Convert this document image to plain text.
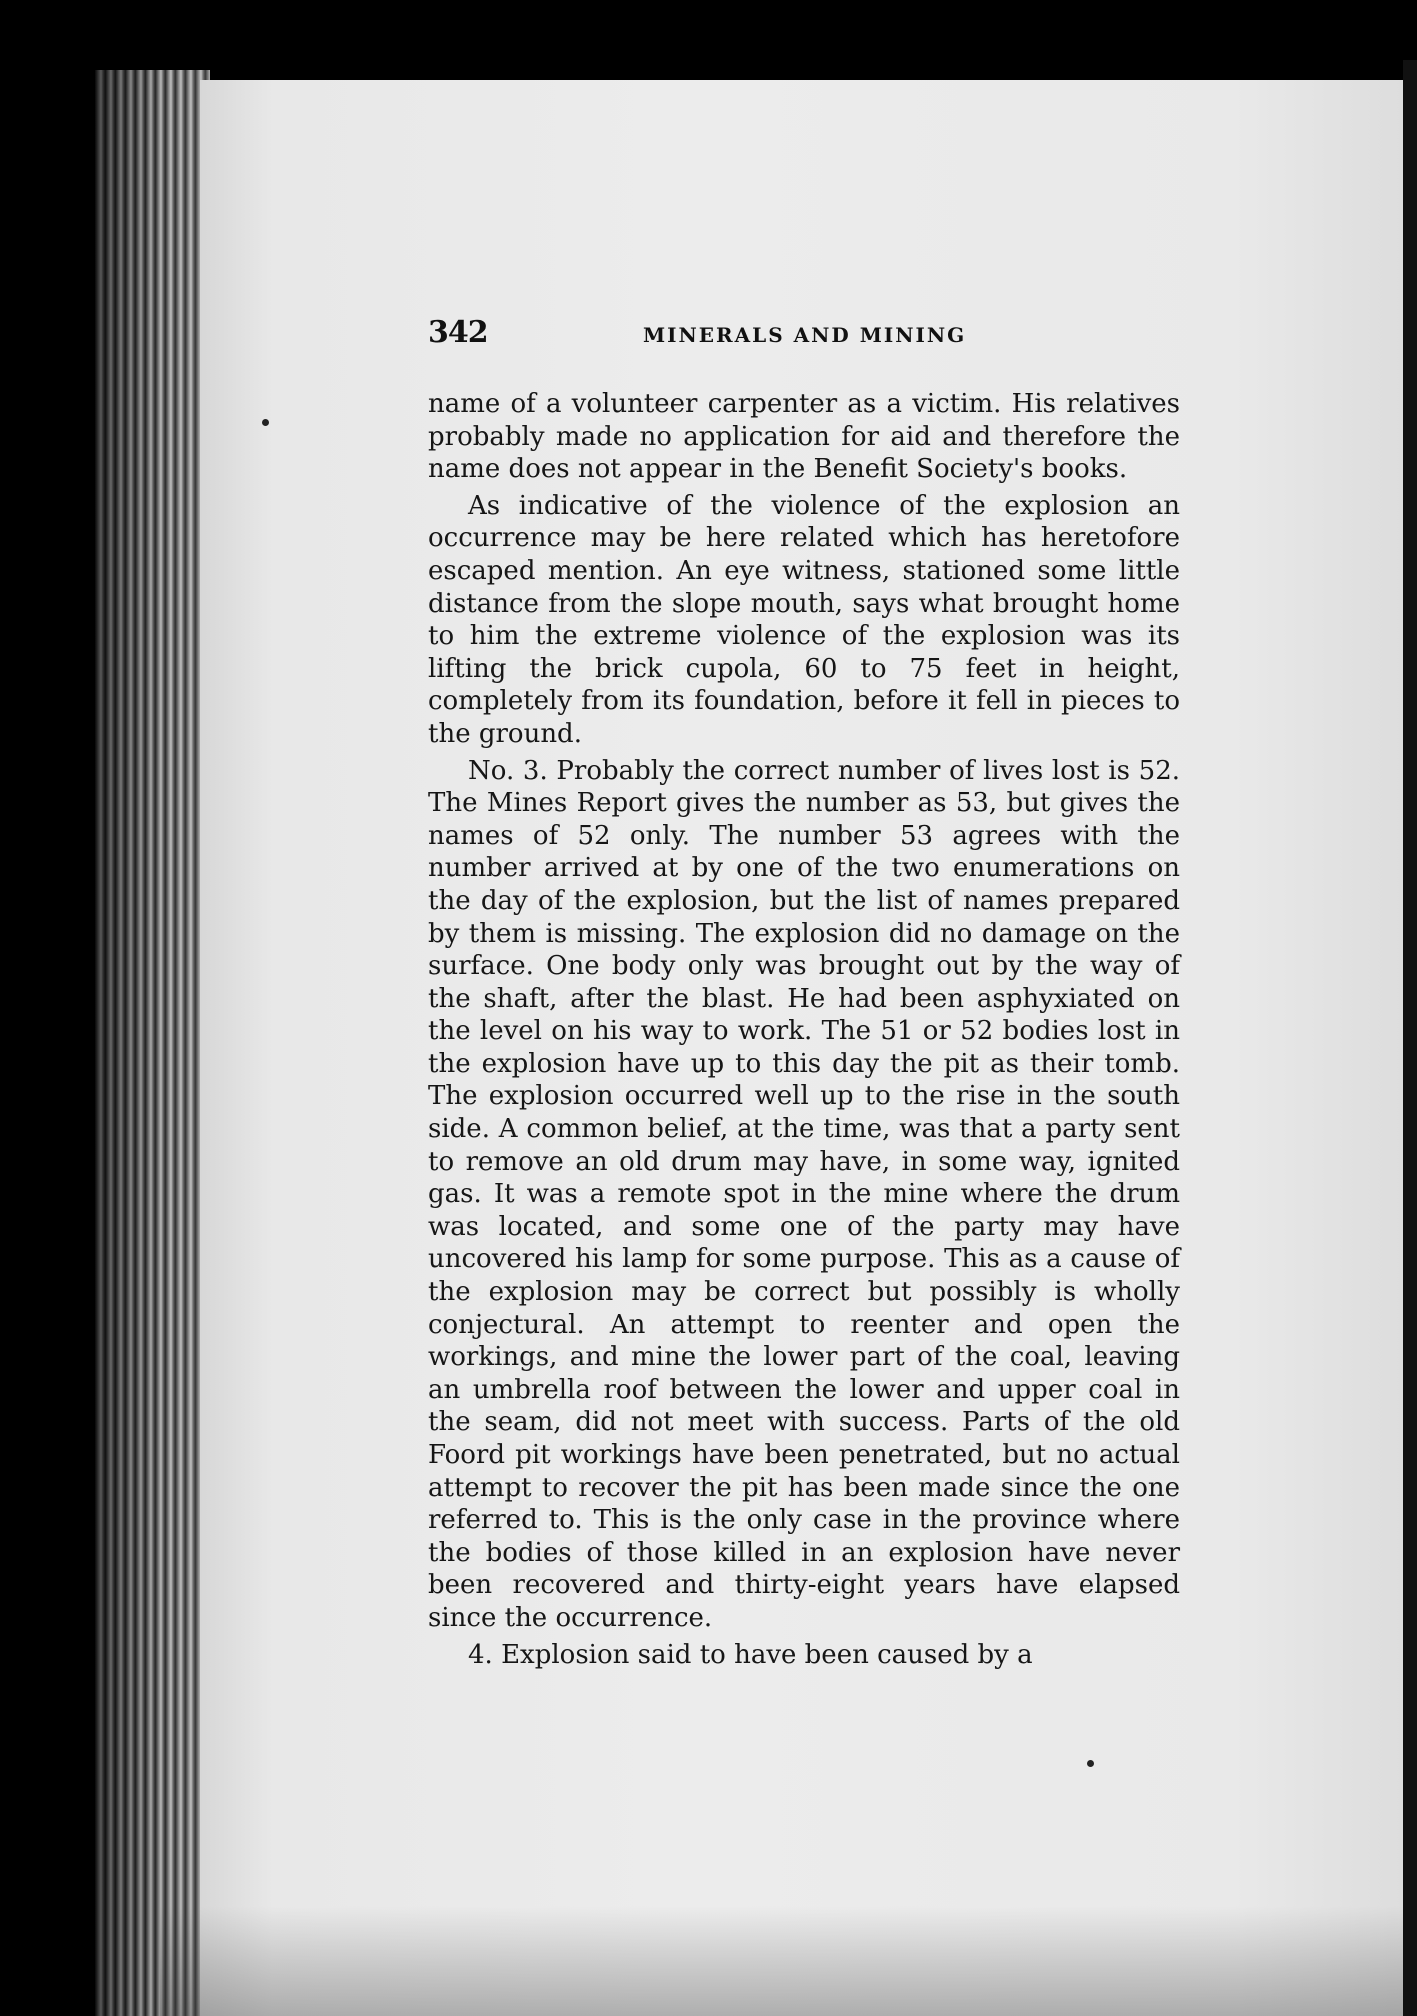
342	MINERALS AND MINING

name of a volunteer carpenter as a victim. His relatives probably made no application for aid and therefore the name does not appear in the Benefit Society's books.

As indicative of the violence of the explosion an occurrence may be here related which has heretofore escaped mention. An eye witness, stationed some little distance from the slope mouth, says what brought home to him the extreme violence of the explosion was its lifting the brick cupola, 60 to 75 feet in height, completely from its foundation, before it fell in pieces to the ground.

No. 3. Probably the correct number of lives lost is 52. The Mines Report gives the number as 53, but gives the names of 52 only. The number 53 agrees with the number arrived at by one of the two enumerations on the day of the explosion, but the list of names prepared by them is missing. The explosion did no damage on the surface. One body only was brought out by the way of the shaft, after the blast. He had been asphyxiated on the level on his way to work. The 51 or 52 bodies lost in the explosion have up to this day the pit as their tomb. The explosion occurred well up to the rise in the south side. A common belief, at the time, was that a party sent to remove an old drum may have, in some way, ignited gas. It was a remote spot in the mine where the drum was located, and some one of the party may have uncovered his lamp for some purpose. This as a cause of the explosion may be correct but possibly is wholly conjectural. An attempt to reenter and open the workings, and mine the lower part of the coal, leaving an umbrella roof between the lower and upper coal in the seam, did not meet with success. Parts of the old Foord pit workings have been penetrated, but no actual attempt to recover the pit has been made since the one referred to. This is the only case in the province where the bodies of those killed in an explosion have never been recovered and thirty-eight years have elapsed since the occurrence.

4. Explosion said to have been caused by a
